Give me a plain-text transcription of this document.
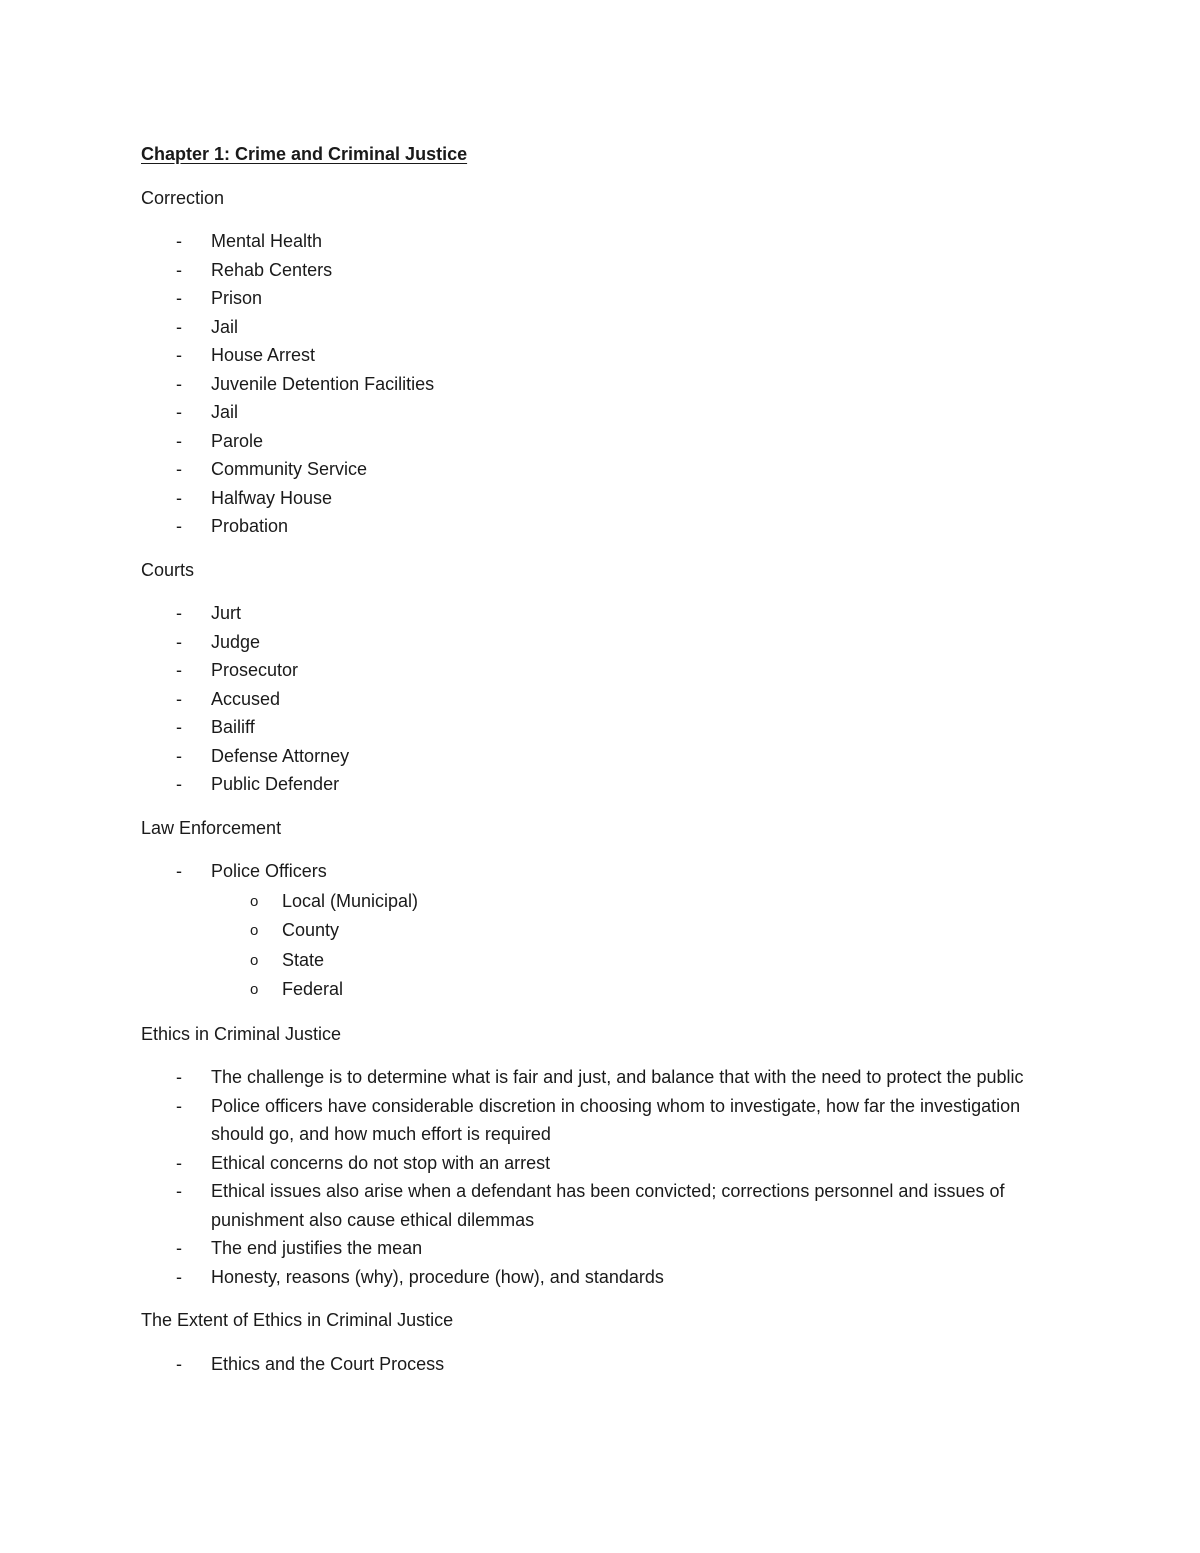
Chapter 1: Crime and Criminal Justice
Correction
- Mental Health
- Rehab Centers
- Prison
- Jail
- House Arrest
- Juvenile Detention Facilities
- Jail
- Parole
- Community Service
- Halfway House
- Probation
Courts
- Jurt
- Judge
- Prosecutor
- Accused
- Bailiff
- Defense Attorney
- Public Defender
Law Enforcement
- Police Officers
o Local (Municipal)
o County
o State
o Federal
Ethics in Criminal Justice
- The challenge is to determine what is fair and just, and balance that with the need to protect the public
- Police officers have considerable discretion in choosing whom to investigate, how far the investigation should go, and how much effort is required
- Ethical concerns do not stop with an arrest
- Ethical issues also arise when a defendant has been convicted; corrections personnel and issues of punishment also cause ethical dilemmas
- The end justifies the mean
- Honesty, reasons (why), procedure (how), and standards
The Extent of Ethics in Criminal Justice
- Ethics and the Court Process
